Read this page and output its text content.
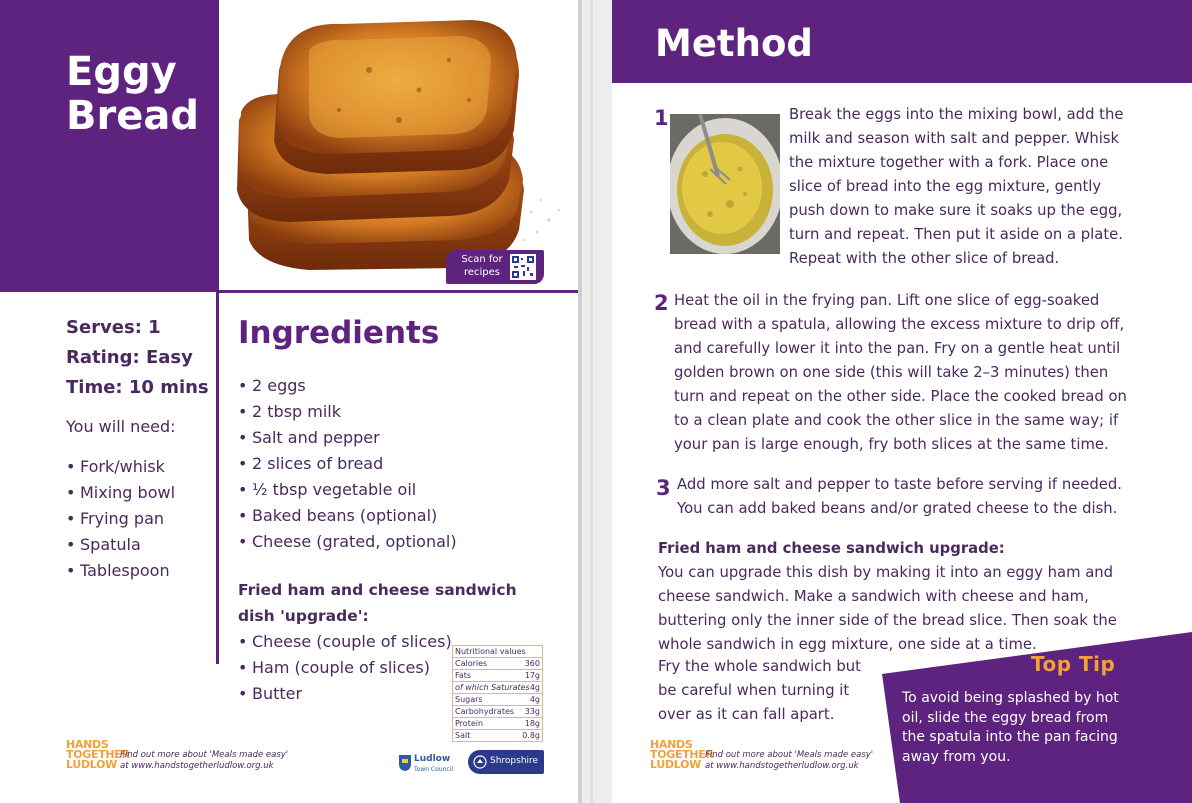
Eggy
Bread
Scan for recipes
Serves: 1
Rating: Easy
Time: 10 mins
You will need:
• Fork/whisk
• Mixing bowl
• Frying pan
• Spatula
• Tablespoon
Ingredients
• 2 eggs
• 2 tbsp milk
• Salt and pepper
• 2 slices of bread
• ½ tbsp vegetable oil
• Baked beans (optional)
• Cheese (grated, optional)
Fried ham and cheese sandwich dish 'upgrade':
• Cheese (couple of slices)
• Ham (couple of slices)
• Butter
Nutritional values
Calories	360
Fats	17g
of which Saturates 4g
Sugars	4g
Carbohydrates 33g
Protein	18g
Salt	0.8g
HANDS
TOGETHER
LUDLOW
Find out more about 'Meals made easy'
at www.handstogetherludlow.org.uk
Ludlow
Town Council
Shropshire
Method
1	Break the eggs into the mixing bowl, add the milk and season with salt and pepper. Whisk the mixture together with a fork. Place one slice of bread into the egg mixture, gently push down to make sure it soaks up the egg, turn and repeat. Then put it aside on a plate. Repeat with the other slice of bread.
2 Heat the oil in the frying pan. Lift one slice of egg-soaked bread with a spatula, allowing the excess mixture to drip off, and carefully lower it into the pan. Fry on a gentle heat until golden brown on one side (this will take 2–3 minutes) then turn and repeat on the other side. Place the cooked bread on to a clean plate and cook the other slice in the same way; if your pan is large enough, fry both slices at the same time.
3 Add more salt and pepper to taste before serving if needed. You can add baked beans and/or grated cheese to the dish.
Fried ham and cheese sandwich upgrade:
You can upgrade this dish by making it into an eggy ham and cheese sandwich. Make a sandwich with cheese and ham, buttering only the inner side of the bread slice. Then soak the whole sandwich in egg mixture, one side at a time.
Fry the whole sandwich but be careful when turning it over as it can fall apart.
Top Tip
To avoid being splashed by hot oil, slide the eggy bread from the spatula into the pan facing away from you.
HANDS
TOGETHER
LUDLOW
Find out more about 'Meals made easy'
at www.handstogetherludlow.org.uk
